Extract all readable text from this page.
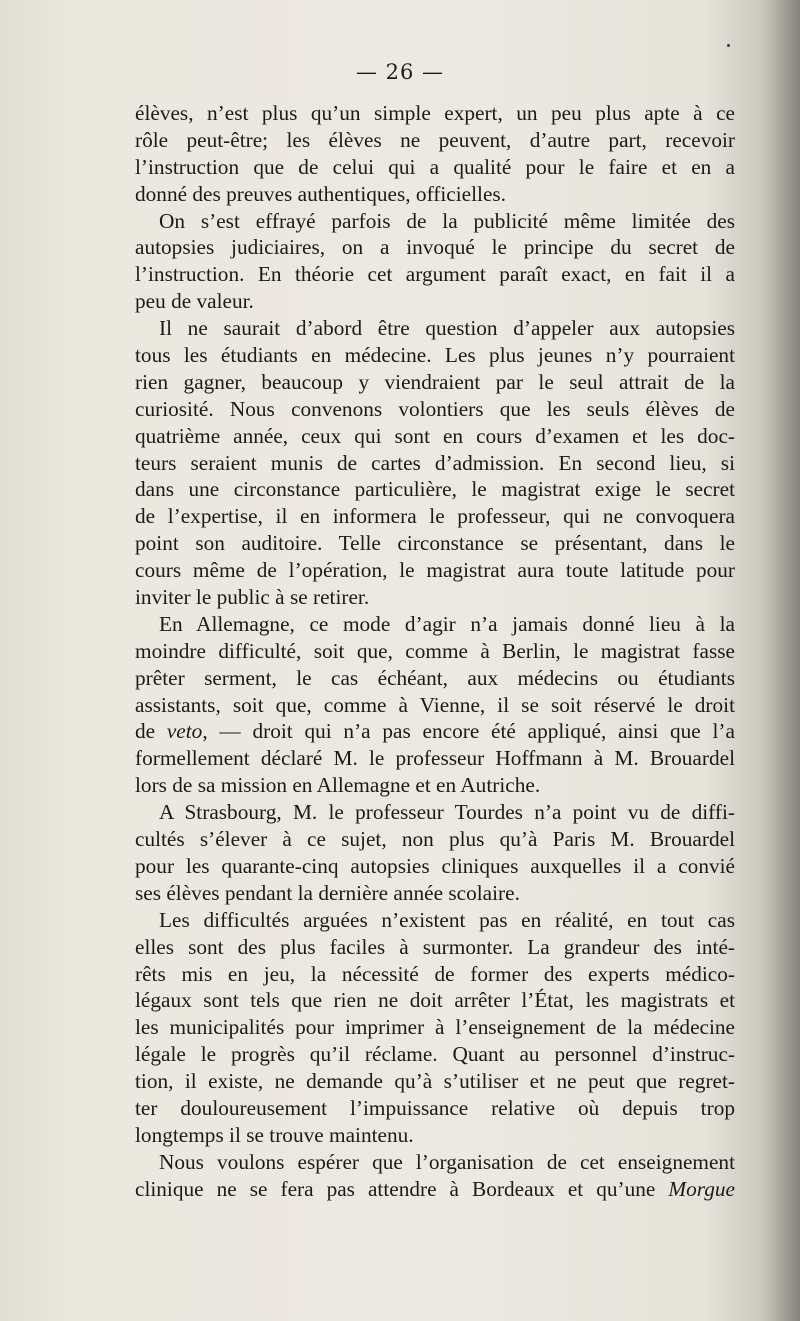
— 26 —
élèves, n’est plus qu’un simple expert, un peu plus apte à ce
rôle peut-être; les élèves ne peuvent, d’autre part, recevoir
l’instruction que de celui qui a qualité pour le faire et en a
donné des preuves authentiques, officielles.
On s’est effrayé parfois de la publicité même limitée des
autopsies judiciaires, on a invoqué le principe du secret de
l’instruction. En théorie cet argument paraît exact, en fait il a
peu de valeur.
Il ne saurait d’abord être question d’appeler aux autopsies
tous les étudiants en médecine. Les plus jeunes n’y pourraient
rien gagner, beaucoup y viendraient par le seul attrait de la
curiosité. Nous convenons volontiers que les seuls élèves de
quatrième année, ceux qui sont en cours d’examen et les doc-
teurs seraient munis de cartes d’admission. En second lieu, si
dans une circonstance particulière, le magistrat exige le secret
de l’expertise, il en informera le professeur, qui ne convoquera
point son auditoire. Telle circonstance se présentant, dans le
cours même de l’opération, le magistrat aura toute latitude pour
inviter le public à se retirer.
En Allemagne, ce mode d’agir n’a jamais donné lieu à la
moindre difficulté, soit que, comme à Berlin, le magistrat fasse
prêter serment, le cas échéant, aux médecins ou étudiants
assistants, soit que, comme à Vienne, il se soit réservé le droit
de veto, — droit qui n’a pas encore été appliqué, ainsi que l’a
formellement déclaré M. le professeur Hoffmann à M. Brouardel
lors de sa mission en Allemagne et en Autriche.
A Strasbourg, M. le professeur Tourdes n’a point vu de diffi-
cultés s’élever à ce sujet, non plus qu’à Paris M. Brouardel
pour les quarante-cinq autopsies cliniques auxquelles il a convié
ses élèves pendant la dernière année scolaire.
Les difficultés arguées n’existent pas en réalité, en tout cas
elles sont des plus faciles à surmonter. La grandeur des inté-
rêts mis en jeu, la nécessité de former des experts médico-
légaux sont tels que rien ne doit arrêter l’État, les magistrats et
les municipalités pour imprimer à l’enseignement de la médecine
légale le progrès qu’il réclame. Quant au personnel d’instruc-
tion, il existe, ne demande qu’à s’utiliser et ne peut que regret-
ter douloureusement l’impuissance relative où depuis trop
longtemps il se trouve maintenu.
Nous voulons espérer que l’organisation de cet enseignement
clinique ne se fera pas attendre à Bordeaux et qu’une Morgue
